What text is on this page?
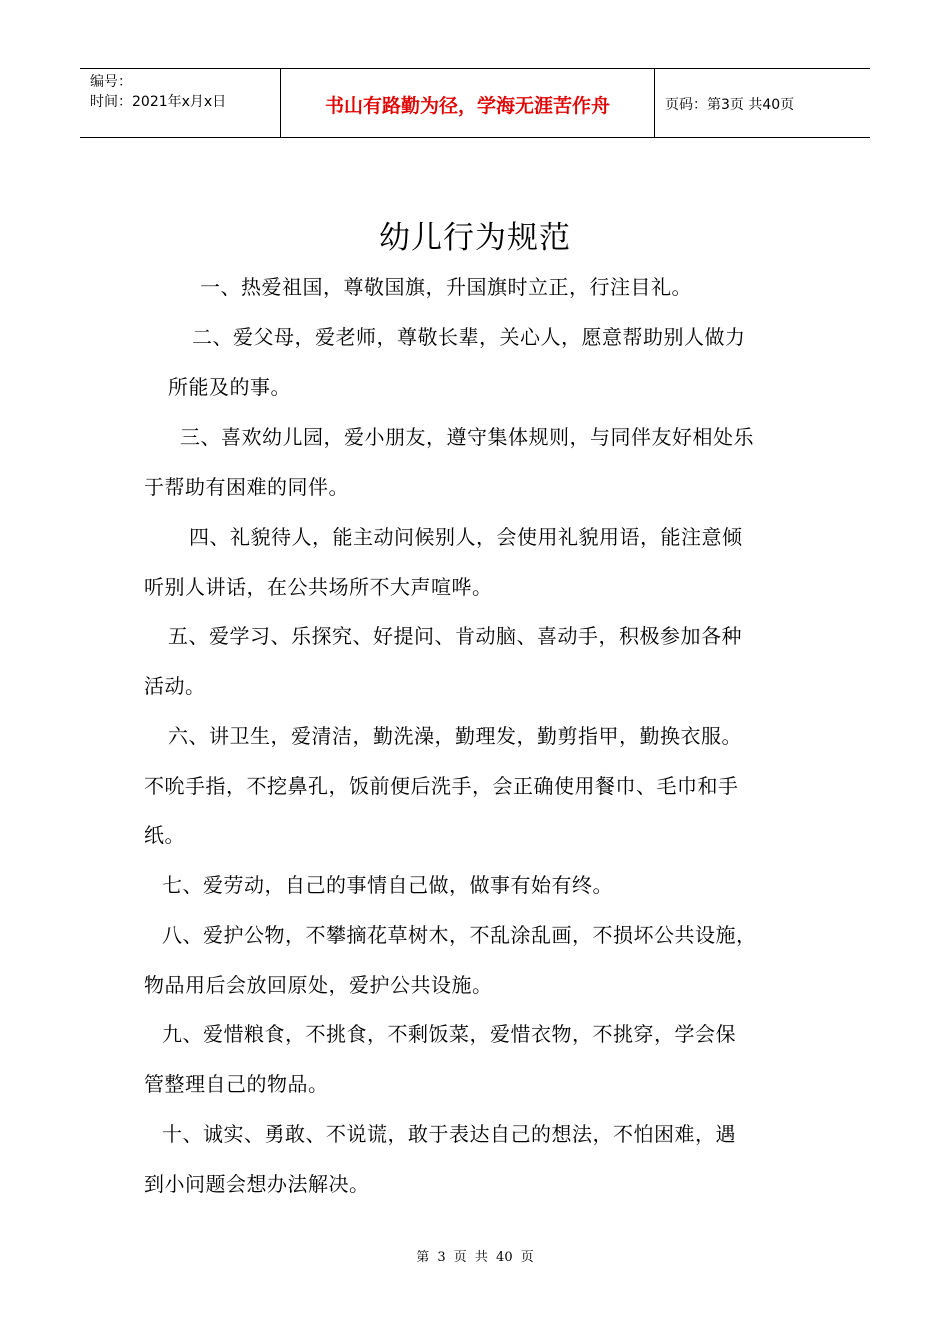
编号：
时间：2021年x月x日	书山有路勤为径，学海无涯苦作舟	页码：第3页 共40页
幼儿行为规范
一、热爱祖国，尊敬国旗，升国旗时立正，行注目礼。
二、爱父母，爱老师，尊敬长辈，关心人，愿意帮助别人做力
所能及的事。
三、喜欢幼儿园，爱小朋友，遵守集体规则，与同伴友好相处乐
于帮助有困难的同伴。
四、礼貌待人，能主动问候别人，会使用礼貌用语，能注意倾
听别人讲话，在公共场所不大声喧哗。
五、爱学习、乐探究、好提问、肯动脑、喜动手，积极参加各种
活动。
六、讲卫生，爱清洁，勤洗澡，勤理发，勤剪指甲，勤换衣服。
不吮手指，不挖鼻孔，饭前便后洗手，会正确使用餐巾、毛巾和手
纸。
七、爱劳动，自己的事情自己做，做事有始有终。
八、爱护公物，不攀摘花草树木，不乱涂乱画，不损坏公共设施，
物品用后会放回原处，爱护公共设施。
九、爱惜粮食，不挑食，不剩饭菜，爱惜衣物，不挑穿，学会保
管整理自己的物品。
十、诚实、勇敢、不说谎，敢于表达自己的想法，不怕困难，遇
到小问题会想办法解决。
第 3 页 共 40 页
